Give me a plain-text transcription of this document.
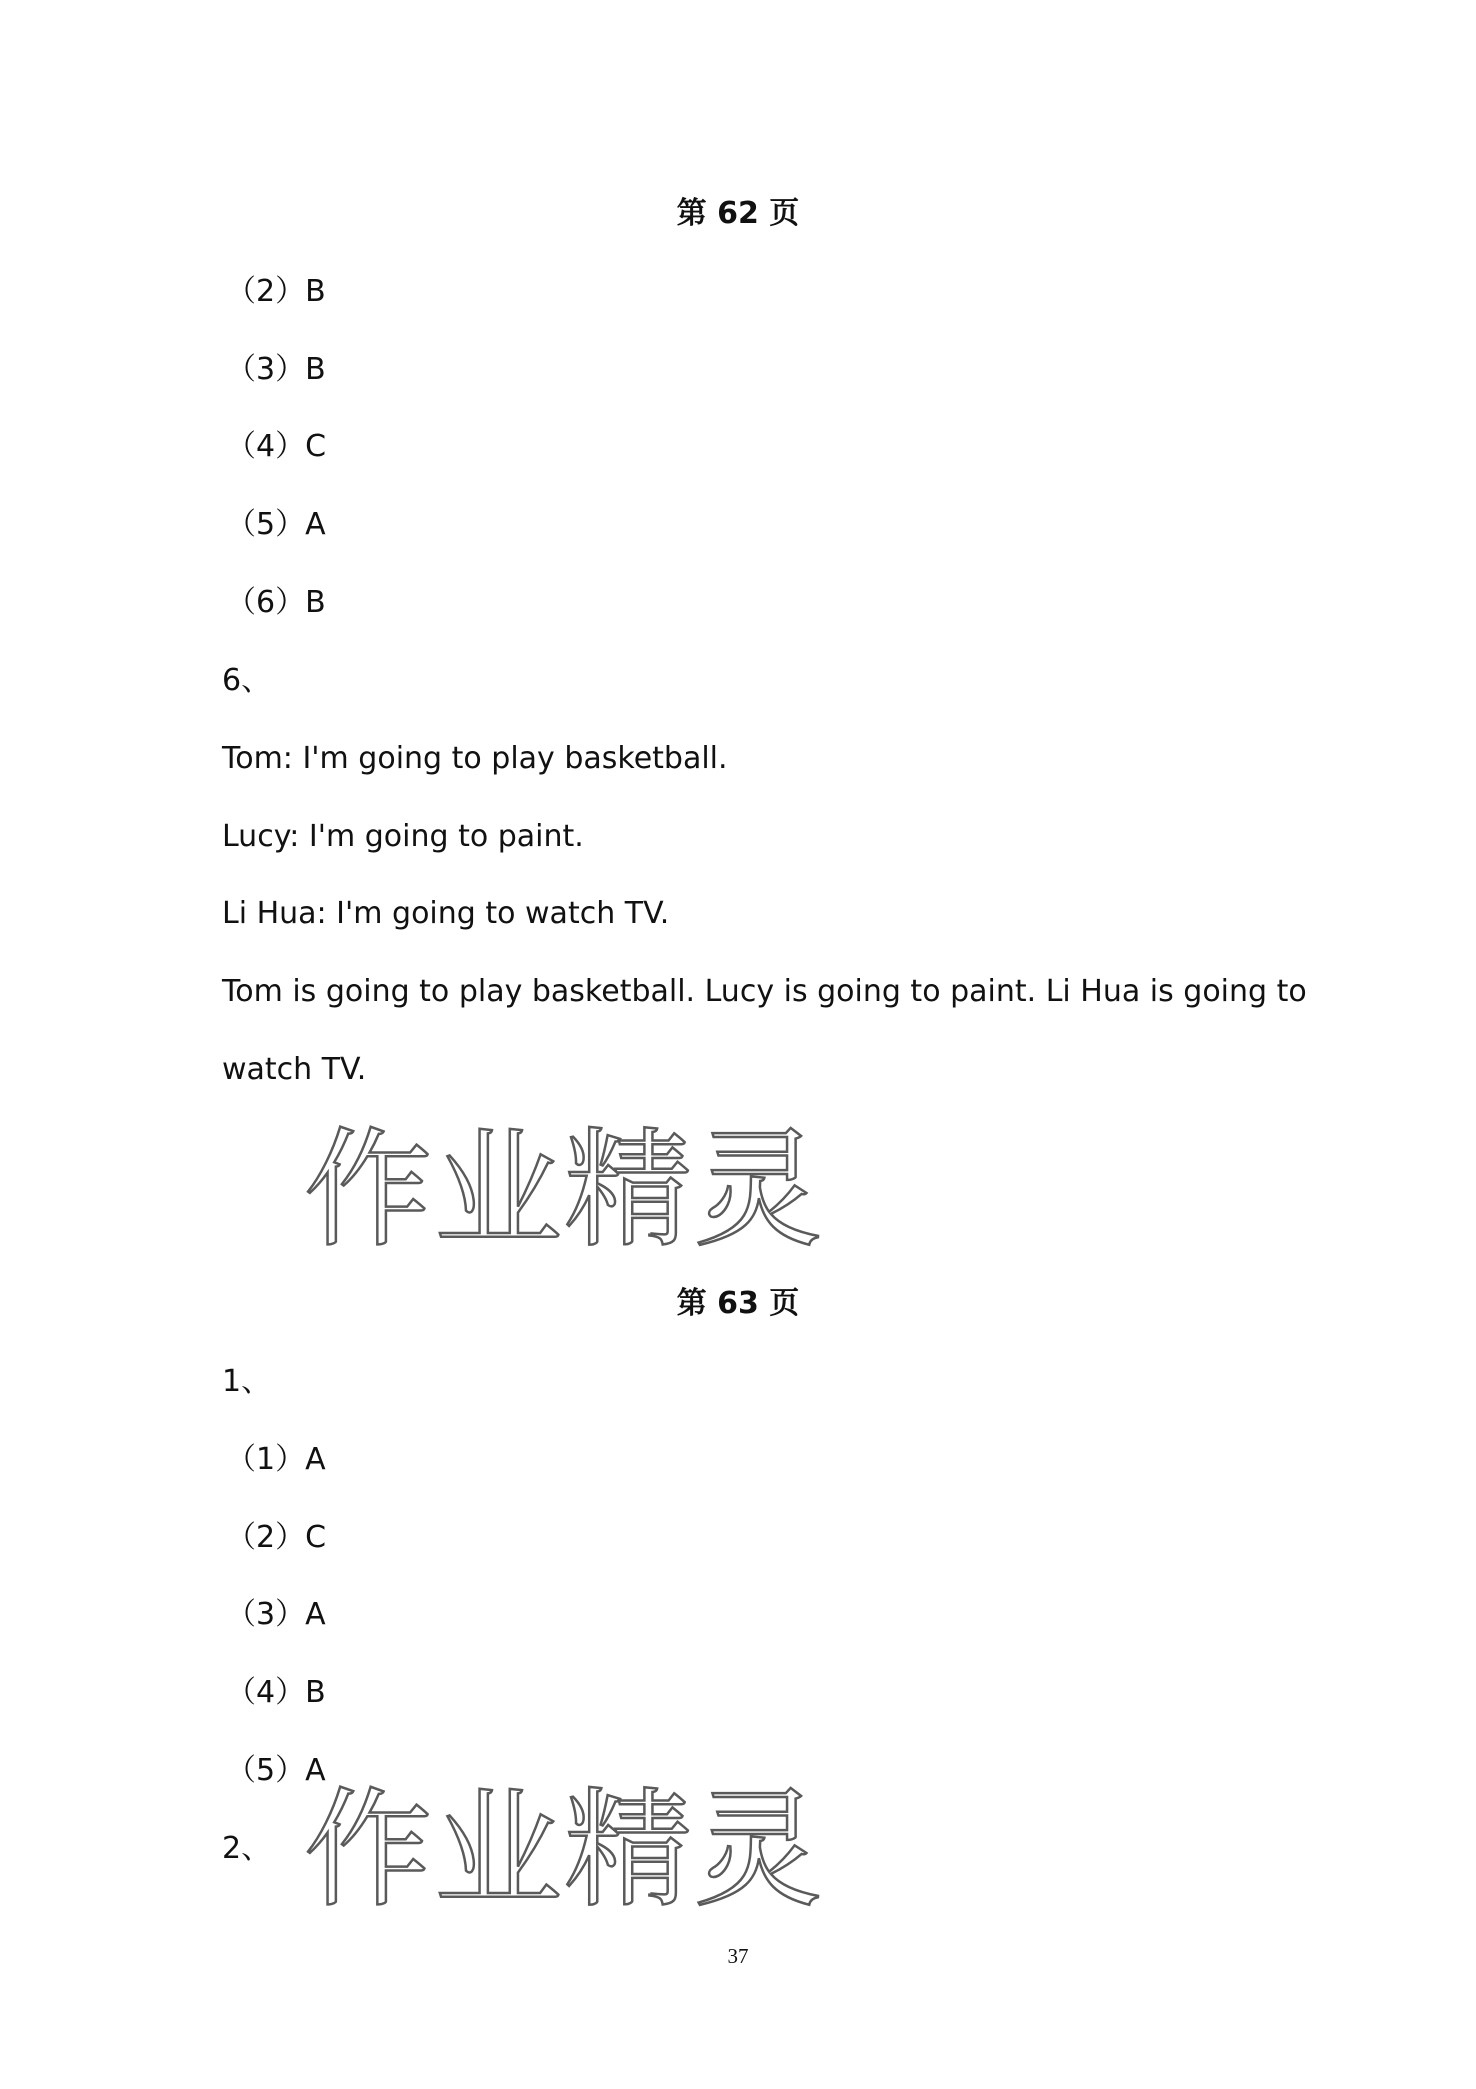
第 62 页
（2）B
（3）B
（4）C
（5）A
（6）B
6、
Tom: I'm going to play basketball.
Lucy: I'm going to paint.
Li Hua: I'm going to watch TV.
Tom is going to play basketball. Lucy is going to paint. Li Hua is going to
watch TV.
作业精灵
第 63 页
1、
（1）A
（2）C
（3）A
（4）B
（5）A
2、 作业精灵
37
